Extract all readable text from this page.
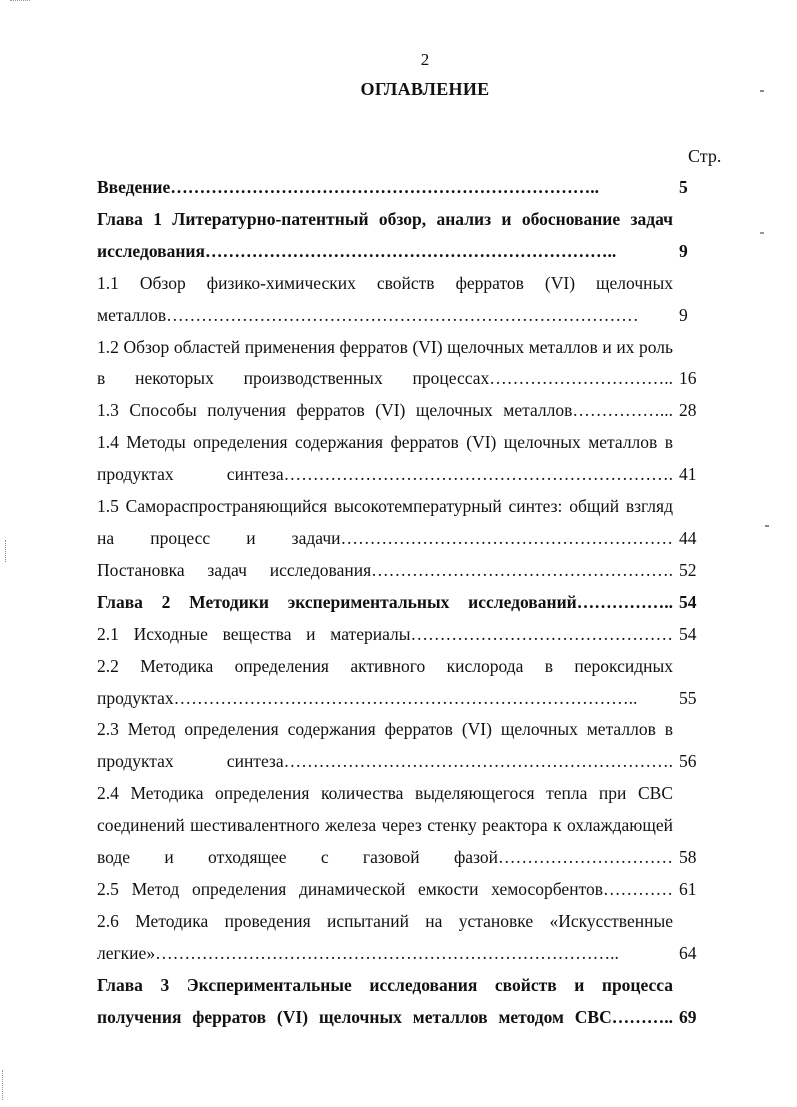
2
ОГЛАВЛЕНИЕ
Стр.
Введение………………………………………………………………..	5
Глава 1 Литературно-патентный обзор, анализ и обоснование задач исследования……………………………………………………………..	9
1.1 Обзор физико-химических свойств ферратов (VI) щелочных металлов………………………………………………………………………	9
1.2 Обзор областей применения ферратов (VI) щелочных металлов и их роль в некоторых производственных процессах………………………….. 16
1.3 Способы получения ферратов (VI) щелочных металлов……………... 28
1.4 Методы определения содержания ферратов (VI) щелочных металлов в продуктах синтеза…………………………………………………………. 41
1.5 Самораспространяющийся высокотемпературный синтез: общий взгляд на процесс и задачи………………………………………………… 44
Постановка задач исследования……………………………………………. 52
Глава 2 Методики экспериментальных исследований…………….. 54
2.1 Исходные вещества и материалы……………………………………… 54
2.2 Методика определения активного кислорода в пероксидных продуктах……………………………………………………………………..	55
2.3 Метод определения содержания ферратов (VI) щелочных металлов в продуктах синтеза…………………………………………………………. 56
2.4 Методика определения количества выделяющегося тепла при СВС соединений шестивалентного железа через стенку реактора к охлаждающей воде и отходящее с газовой фазой………………………… 58
2.5 Метод определения динамической емкости хемосорбентов………… 61
2.6 Методика проведения испытаний на установке «Искусственные легкие»……………………………………………………………………..	64
Глава 3 Экспериментальные исследования свойств и процесса получения ферратов (VI) щелочных металлов методом СВС……….. 69
